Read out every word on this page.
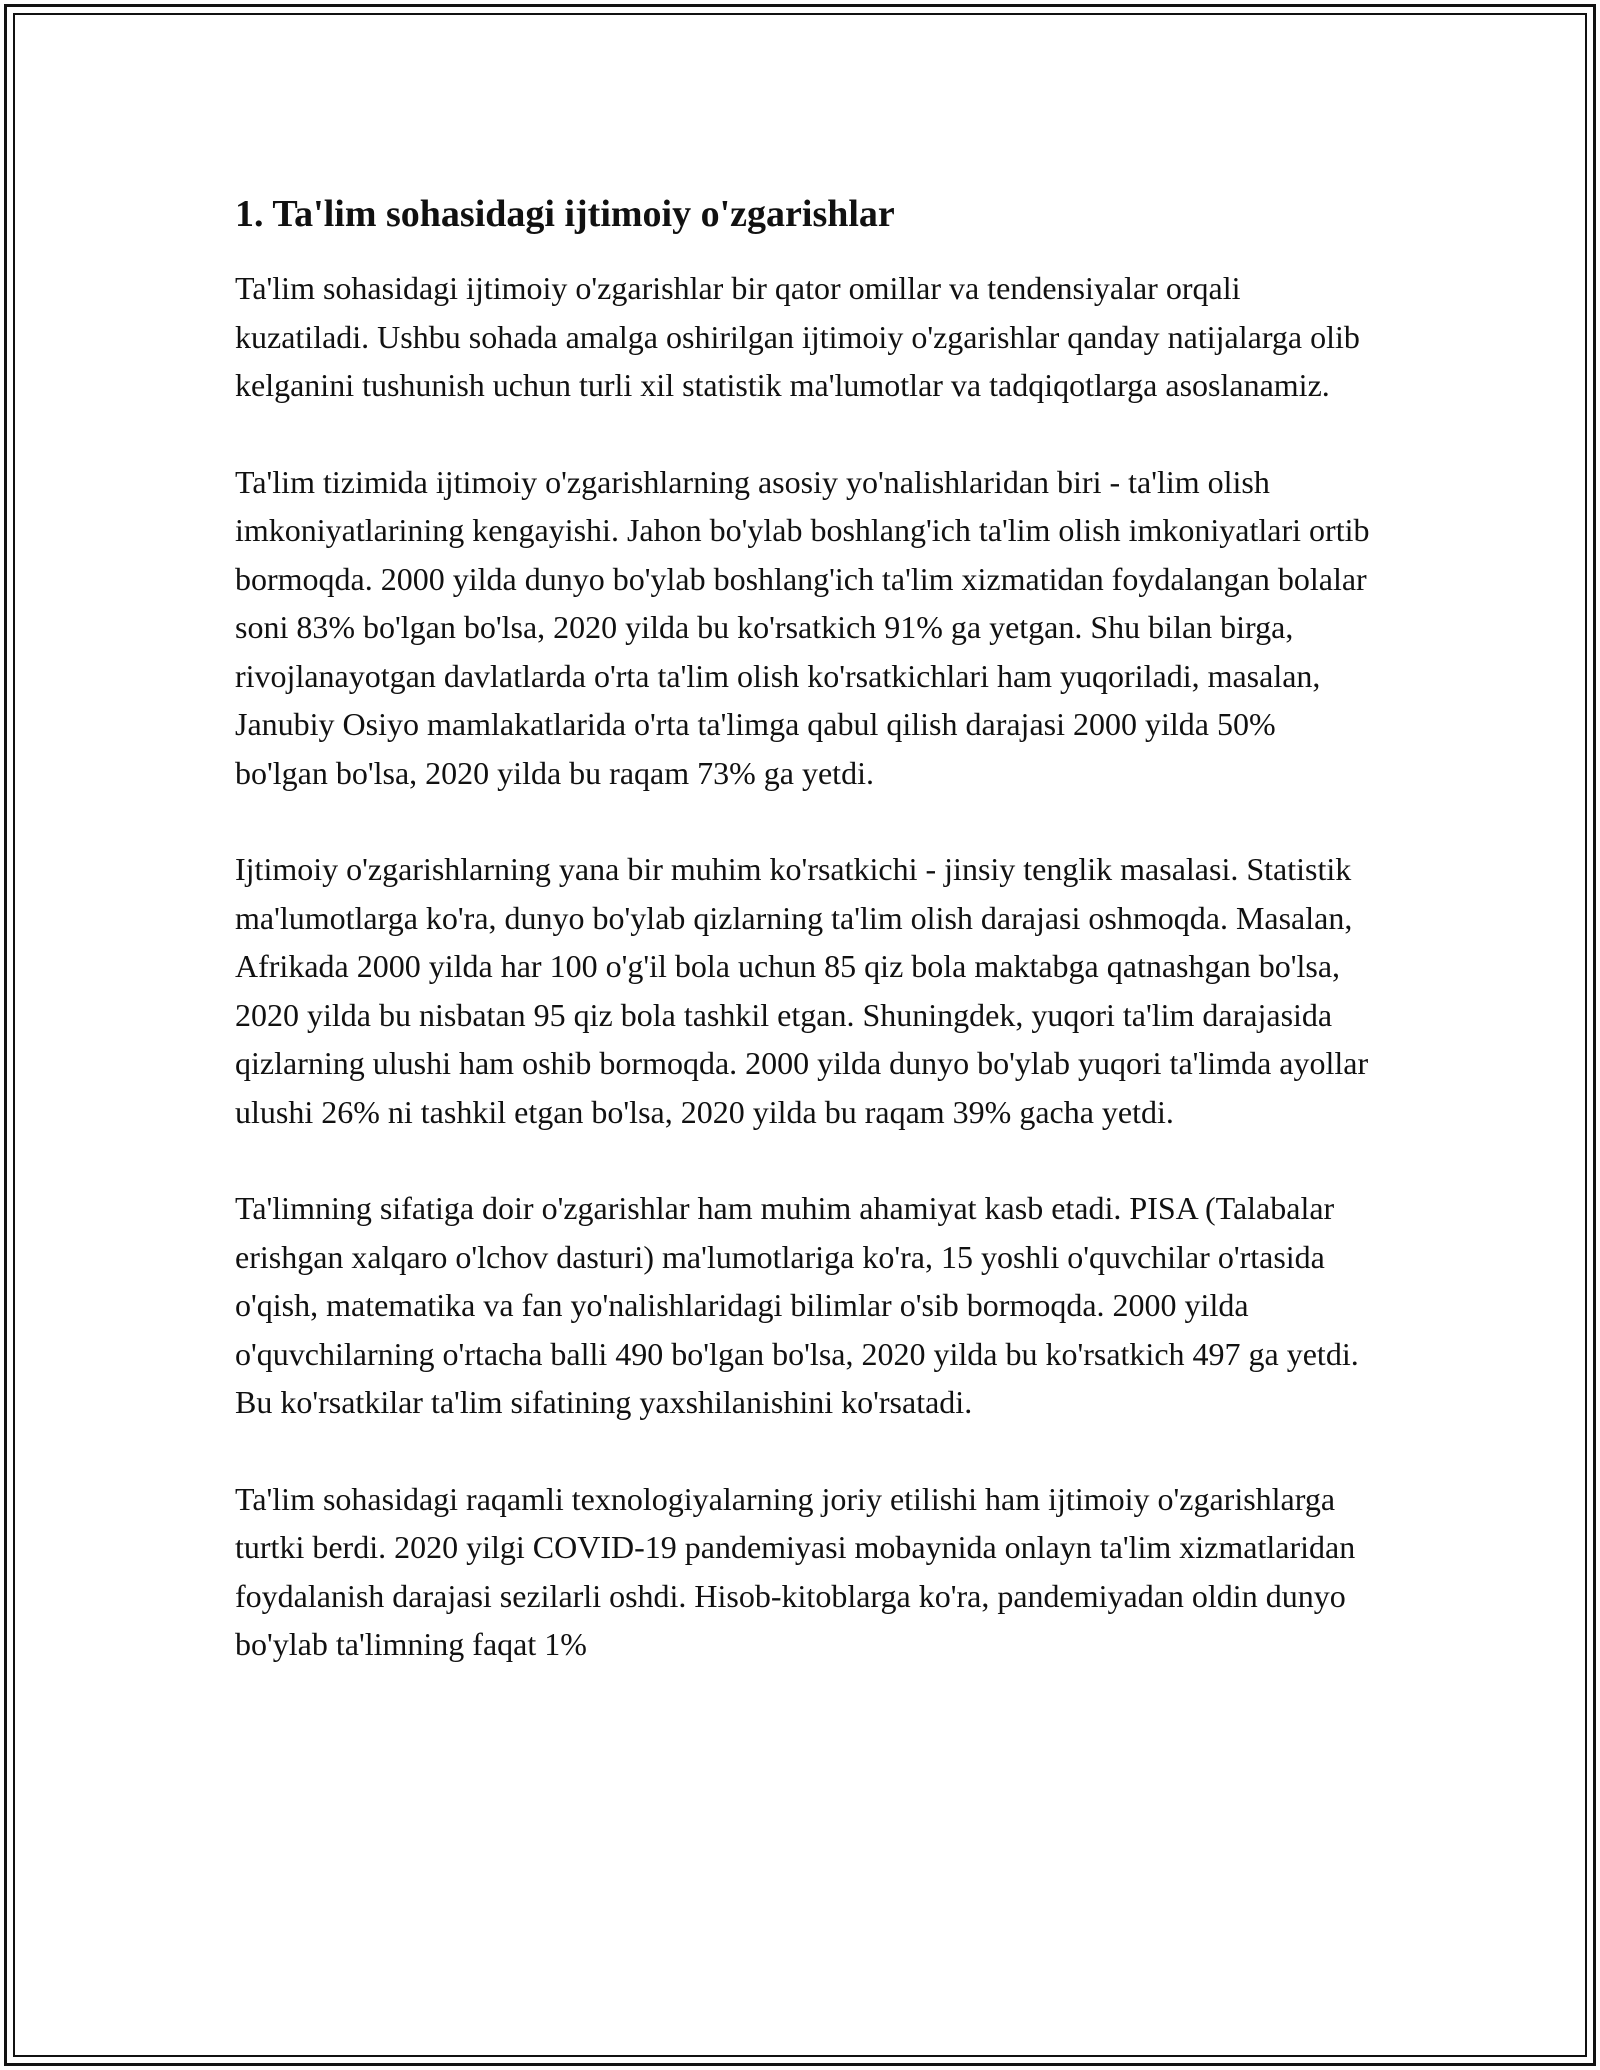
1. Ta'lim sohasidagi ijtimoiy o'zgarishlar

Ta'lim sohasidagi ijtimoiy o'zgarishlar bir qator omillar va tendensiyalar orqali kuzatiladi. Ushbu sohada amalga oshirilgan ijtimoiy o'zgarishlar qanday natijalarga olib kelganini tushunish uchun turli xil statistik ma'lumotlar va tadqiqotlarga asoslanamiz.

Ta'lim tizimida ijtimoiy o'zgarishlarning asosiy yo'nalishlaridan biri - ta'lim olish imkoniyatlarining kengayishi. Jahon bo'ylab boshlang'ich ta'lim olish imkoniyatlari ortib bormoqda. 2000 yilda dunyo bo'ylab boshlang'ich ta'lim xizmatidan foydalangan bolalar soni 83% bo'lgan bo'lsa, 2020 yilda bu ko'rsatkich 91% ga yetgan. Shu bilan birga, rivojlanayotgan davlatlarda o'rta ta'lim olish ko'rsatkichlari ham yuqoriladi, masalan, Janubiy Osiyo mamlakatlarida o'rta ta'limga qabul qilish darajasi 2000 yilda 50% bo'lgan bo'lsa, 2020 yilda bu raqam 73% ga yetdi.

Ijtimoiy o'zgarishlarning yana bir muhim ko'rsatkichi - jinsiy tenglik masalasi. Statistik ma'lumotlarga ko'ra, dunyo bo'ylab qizlarning ta'lim olish darajasi oshmoqda. Masalan, Afrikada 2000 yilda har 100 o'g'il bola uchun 85 qiz bola maktabga qatnashgan bo'lsa, 2020 yilda bu nisbatan 95 qiz bola tashkil etgan. Shuningdek, yuqori ta'lim darajasida qizlarning ulushi ham oshib bormoqda. 2000 yilda dunyo bo'ylab yuqori ta'limda ayollar ulushi 26% ni tashkil etgan bo'lsa, 2020 yilda bu raqam 39% gacha yetdi.

Ta'limning sifatiga doir o'zgarishlar ham muhim ahamiyat kasb etadi. PISA (Talabalar erishgan xalqaro o'lchov dasturi) ma'lumotlariga ko'ra, 15 yoshli o'quvchilar o'rtasida o'qish, matematika va fan yo'nalishlaridagi bilimlar o'sib bormoqda. 2000 yilda o'quvchilarning o'rtacha balli 490 bo'lgan bo'lsa, 2020 yilda bu ko'rsatkich 497 ga yetdi. Bu ko'rsatkilar ta'lim sifatining yaxshilanishini ko'rsatadi.

Ta'lim sohasidagi raqamli texnologiyalarning joriy etilishi ham ijtimoiy o'zgarishlarga turtki berdi. 2020 yilgi COVID-19 pandemiyasi mobaynida onlayn ta'lim xizmatlaridan foydalanish darajasi sezilarli oshdi. Hisob-kitoblarga ko'ra, pandemiyadan oldin dunyo bo'ylab ta'limning faqat 1%
